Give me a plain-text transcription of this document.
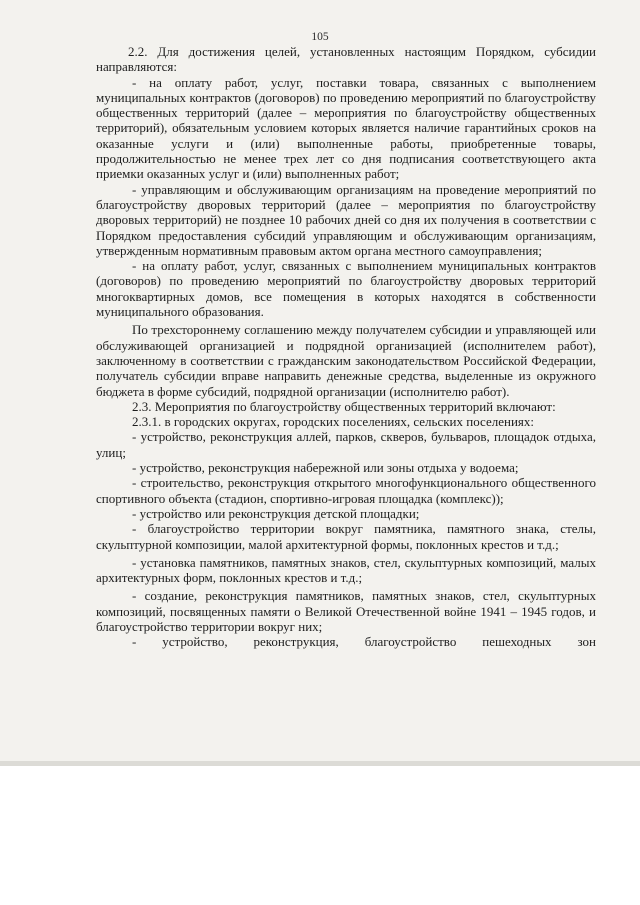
105

2.2. Для достижения целей, установленных настоящим Порядком, субсидии направляются:

- на оплату работ, услуг, поставки товара, связанных с выполнением муниципальных контрактов (договоров) по проведению мероприятий по благоустройству общественных территорий (далее – мероприятия по благоустройству общественных территорий), обязательным условием которых является наличие гарантийных сроков на оказанные услуги и (или) выполненные работы, приобретенные товары, продолжительностью не менее трех лет со дня подписания соответствующего акта приемки оказанных услуг и (или) выполненных работ;

- управляющим и обслуживающим организациям на проведение мероприятий по благоустройству дворовых территорий (далее – мероприятия по благоустройству дворовых территорий) не позднее 10 рабочих дней со дня их получения в соответствии с Порядком предоставления субсидий управляющим и обслуживающим организациям, утвержденным нормативным правовым актом органа местного самоуправления;

- на оплату работ, услуг, связанных с выполнением муниципальных контрактов (договоров) по проведению мероприятий по благоустройству дворовых территорий многоквартирных домов, все помещения в которых находятся в собственности муниципального образования.

По трехстороннему соглашению между получателем субсидии и управляющей или обслуживающей организацией и подрядной организацией (исполнителем работ), заключенному в соответствии с гражданским законодательством Российской Федерации, получатель субсидии вправе направить денежные средства, выделенные из окружного бюджета в форме субсидий, подрядной организации (исполнителю работ).

2.3. Мероприятия по благоустройству общественных территорий включают:

2.3.1. в городских округах, городских поселениях, сельских поселениях:

- устройство, реконструкция аллей, парков, скверов, бульваров, площадок отдыха, улиц;

- устройство, реконструкция набережной или зоны отдыха у водоема;

- строительство, реконструкция открытого многофункционального общественного спортивного объекта (стадион, спортивно-игровая площадка (комплекс));

- устройство или реконструкция детской площадки;

- благоустройство территории вокруг памятника, памятного знака, стелы, скульптурной композиции, малой архитектурной формы, поклонных крестов и т.д.;

- установка памятников, памятных знаков, стел, скульптурных композиций, малых архитектурных форм, поклонных крестов и т.д.;

- создание, реконструкция памятников, памятных знаков, стел, скульптурных композиций, посвященных памяти о Великой Отечественной войне 1941 – 1945 годов, и благоустройство территории вокруг них;

- устройство, реконструкция, благоустройство пешеходных зон
